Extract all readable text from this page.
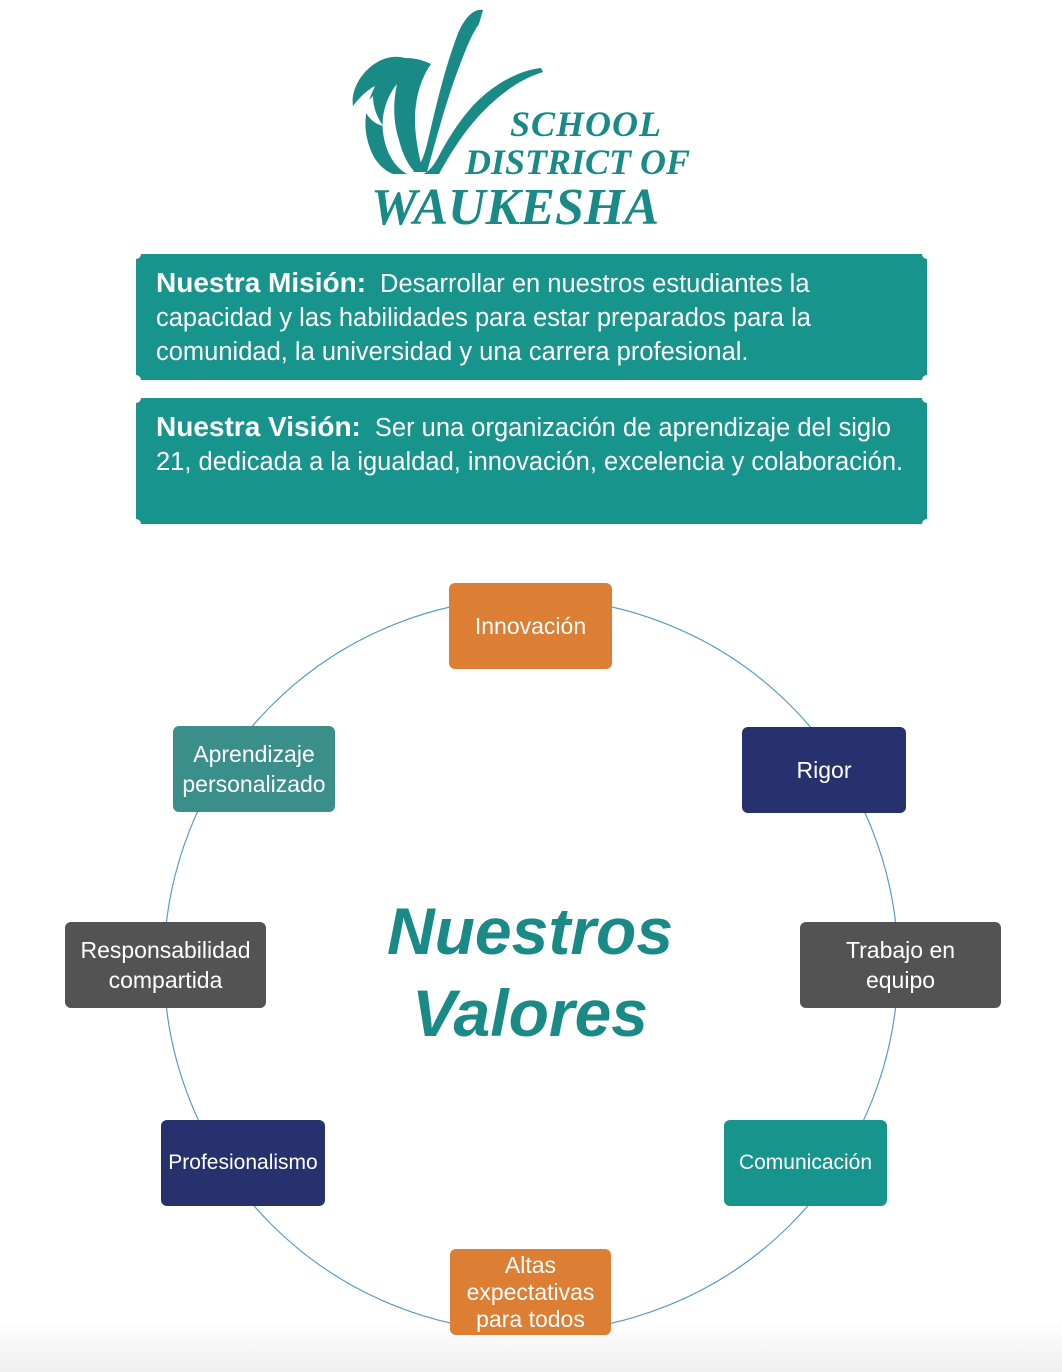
SCHOOL
DISTRICT OF
WAUKESHA
Nuestra Misión: Desarrollar en nuestros estudiantes la capacidad y las habilidades para estar preparados para la comunidad, la universidad y una carrera profesional.
Nuestra Visión: Ser una organización de aprendizaje del siglo 21, dedicada a la igualdad, innovación, excelencia y colaboración.
Nuestros
Valores
Innovación
Rigor
Trabajo en equipo
Comunicación
Altas expectativas para todos
Profesionalismo
Responsabilidad compartida
Aprendizaje personalizado
